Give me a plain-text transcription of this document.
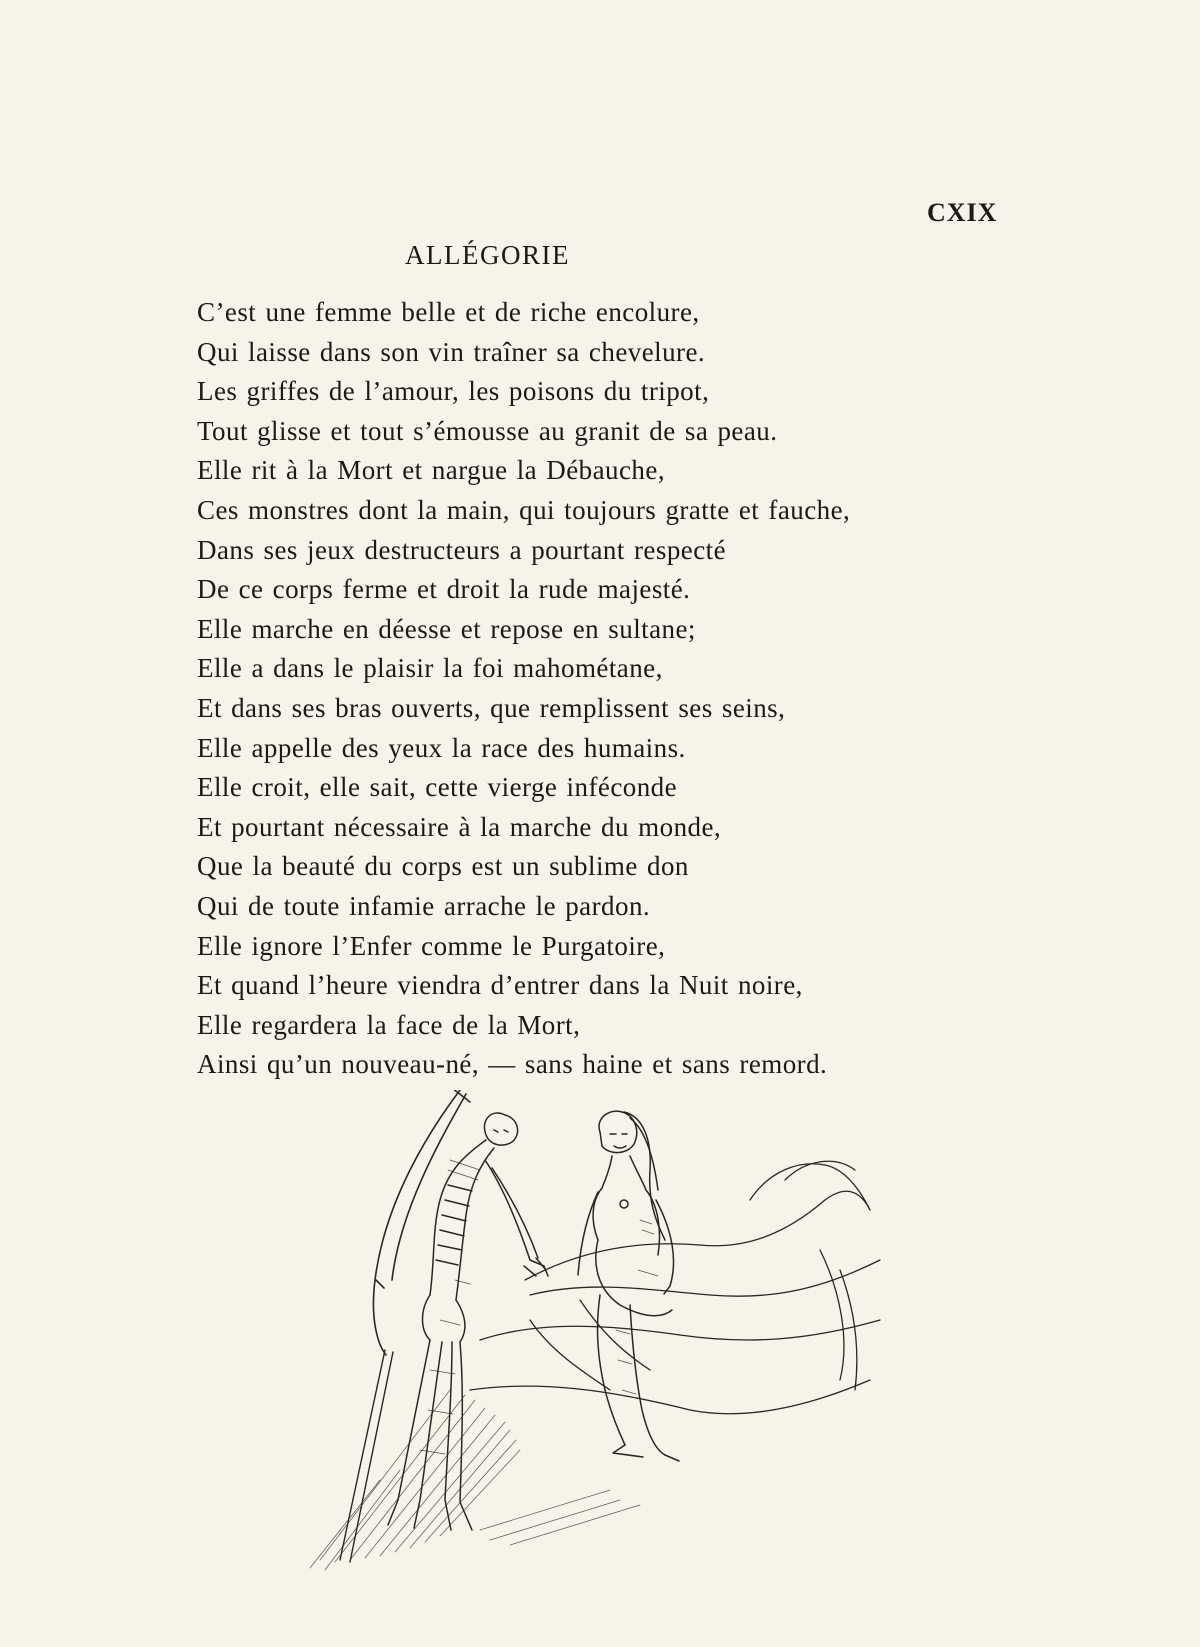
CXIX
ALLÉGORIE
C’est une femme belle et de riche encolure,
Qui laisse dans son vin traîner sa chevelure.
Les griffes de l’amour, les poisons du tripot,
Tout glisse et tout s’émousse au granit de sa peau.
Elle rit à la Mort et nargue la Débauche,
Ces monstres dont la main, qui toujours gratte et fauche,
Dans ses jeux destructeurs a pourtant respecté
De ce corps ferme et droit la rude majesté.
Elle marche en déesse et repose en sultane;
Elle a dans le plaisir la foi mahométane,
Et dans ses bras ouverts, que remplissent ses seins,
Elle appelle des yeux la race des humains.
Elle croit, elle sait, cette vierge inféconde
Et pourtant nécessaire à la marche du monde,
Que la beauté du corps est un sublime don
Qui de toute infamie arrache le pardon.
Elle ignore l’Enfer comme le Purgatoire,
Et quand l’heure viendra d’entrer dans la Nuit noire,
Elle regardera la face de la Mort,
Ainsi qu’un nouveau-né, — sans haine et sans remord.
